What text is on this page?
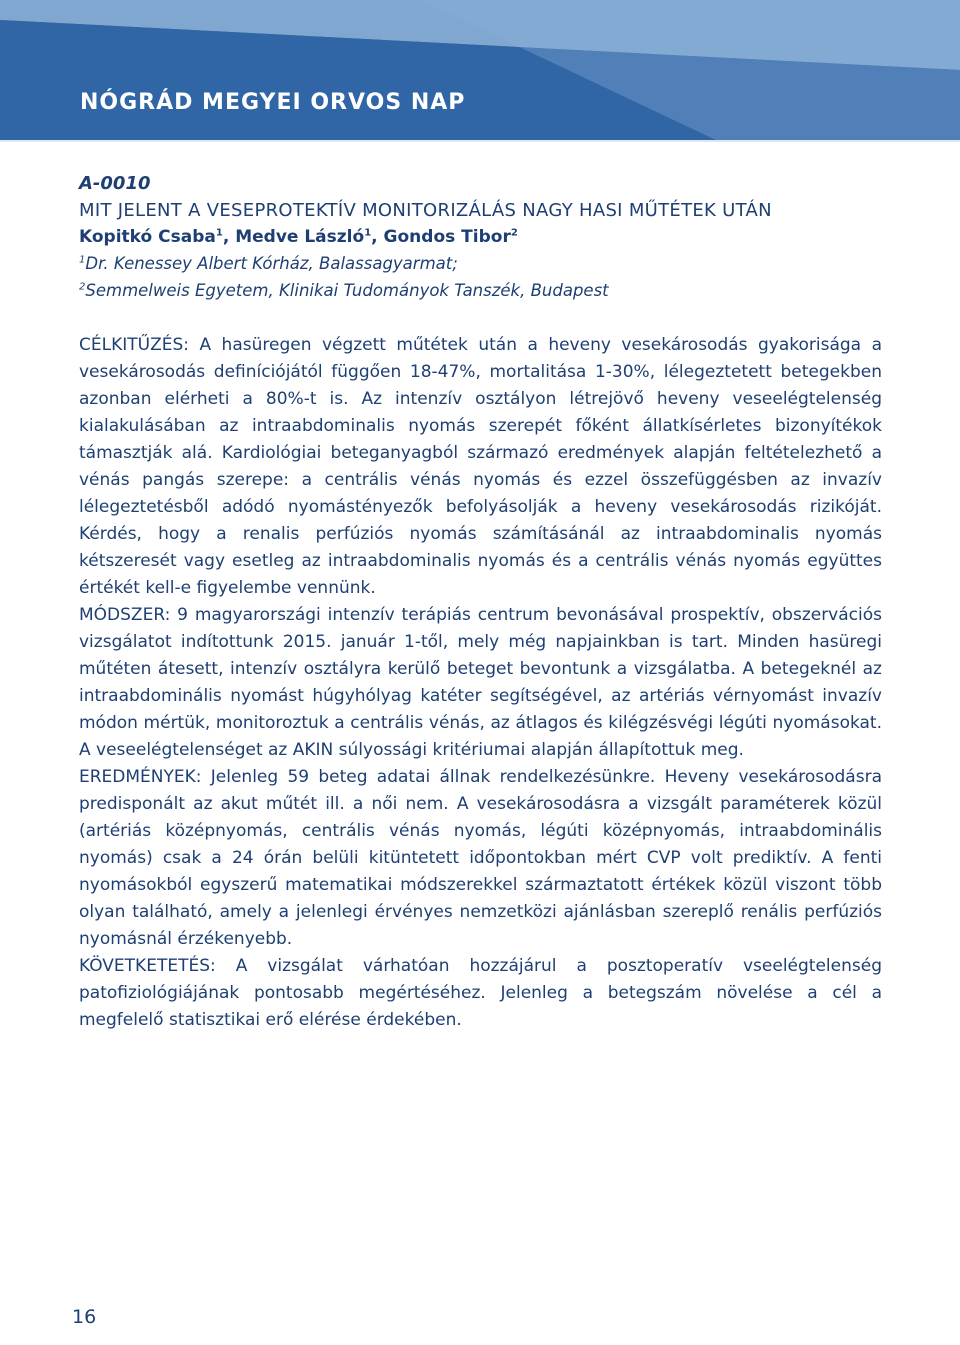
NÓGRÁD MEGYEI ORVOS NAP
A-0010
MIT JELENT A VESEPROTEKTÍV MONITORIZÁLÁS NAGY HASI MŰTÉTEK UTÁN
Kopitkó Csaba$^1$, Medve László$^1$, Gondos Tibor$^2$
$^1$Dr. Kenessey Albert Kórház, Balassagyarmat;
$^2$Semmelweis Egyetem, Klinikai Tudományok Tanszék, Budapest

CÉLKITŰZÉS: A hasüregen végzett műtétek után a heveny vesekárosodás gyakorisága a vesekárosodás definíciójától függően 18-47%, mortalitása 1-30%, lélegeztetett betegekben azonban elérheti a 80%-t is. Az intenzív osztályon létrejövő heveny veseelégtelenség kialakulásában az intraabdominalis nyomás szerepét főként állatkísérletes bizonyítékok támasztják alá. Kardiológiai beteganyagból származó eredmények alapján feltételezhető a vénás pangás szerepe: a centrális vénás nyomás és ezzel összefüggésben az invazív lélegeztetésből adódó nyomástényezők befolyásolják a heveny vesekárosodás rizikóját. Kérdés, hogy a renalis perfúziós nyomás számításánál az intraabdominalis nyomás kétszeresét vagy esetleg az intraabdominalis nyomás és a centrális vénás nyomás együttes értékét kell-e figyelembe vennünk.

MÓDSZER: 9 magyarországi intenzív terápiás centrum bevonásával prospektív, obszervációs vizsgálatot indítottunk 2015. január 1-től, mely még napjainkban is tart. Minden hasüregi műtéten átesett, intenzív osztályra kerülő beteget bevontunk a vizsgálatba. A betegeknél az intraabdominális nyomást húgyhólyag katéter segítségével, az artériás vérnyomást invazív módon mértük, monitoroztuk a centrális vénás, az átlagos és kilégzésvégi légúti nyomásokat. A veseelégtelenséget az AKIN súlyossági kritériumai alapján állapítottuk meg.

EREDMÉNYEK: Jelenleg 59 beteg adatai állnak rendelkezésünkre. Heveny vesekárosodásra predisponált az akut műtét ill. a női nem. A vesekárosodásra a vizsgált paraméterek közül (artériás középnyomás, centrális vénás nyomás, légúti középnyomás, intraabdominális nyomás) csak a 24 órán belüli kitüntetett időpontokban mért CVP volt prediktív. A fenti nyomásokból egyszerű matematikai módszerekkel származtatott értékek közül viszont több olyan található, amely a jelenlegi érvényes nemzetközi ajánlásban szereplő renális perfúziós nyomásnál érzékenyebb.

KÖVETKETETÉS: A vizsgálat várhatóan hozzájárul a posztoperatív vseelégtelenség patofiziológiájának pontosabb megértéséhez. Jelenleg a betegszám növelése a cél a megfelelő statisztikai erő elérése érdekében.

16
